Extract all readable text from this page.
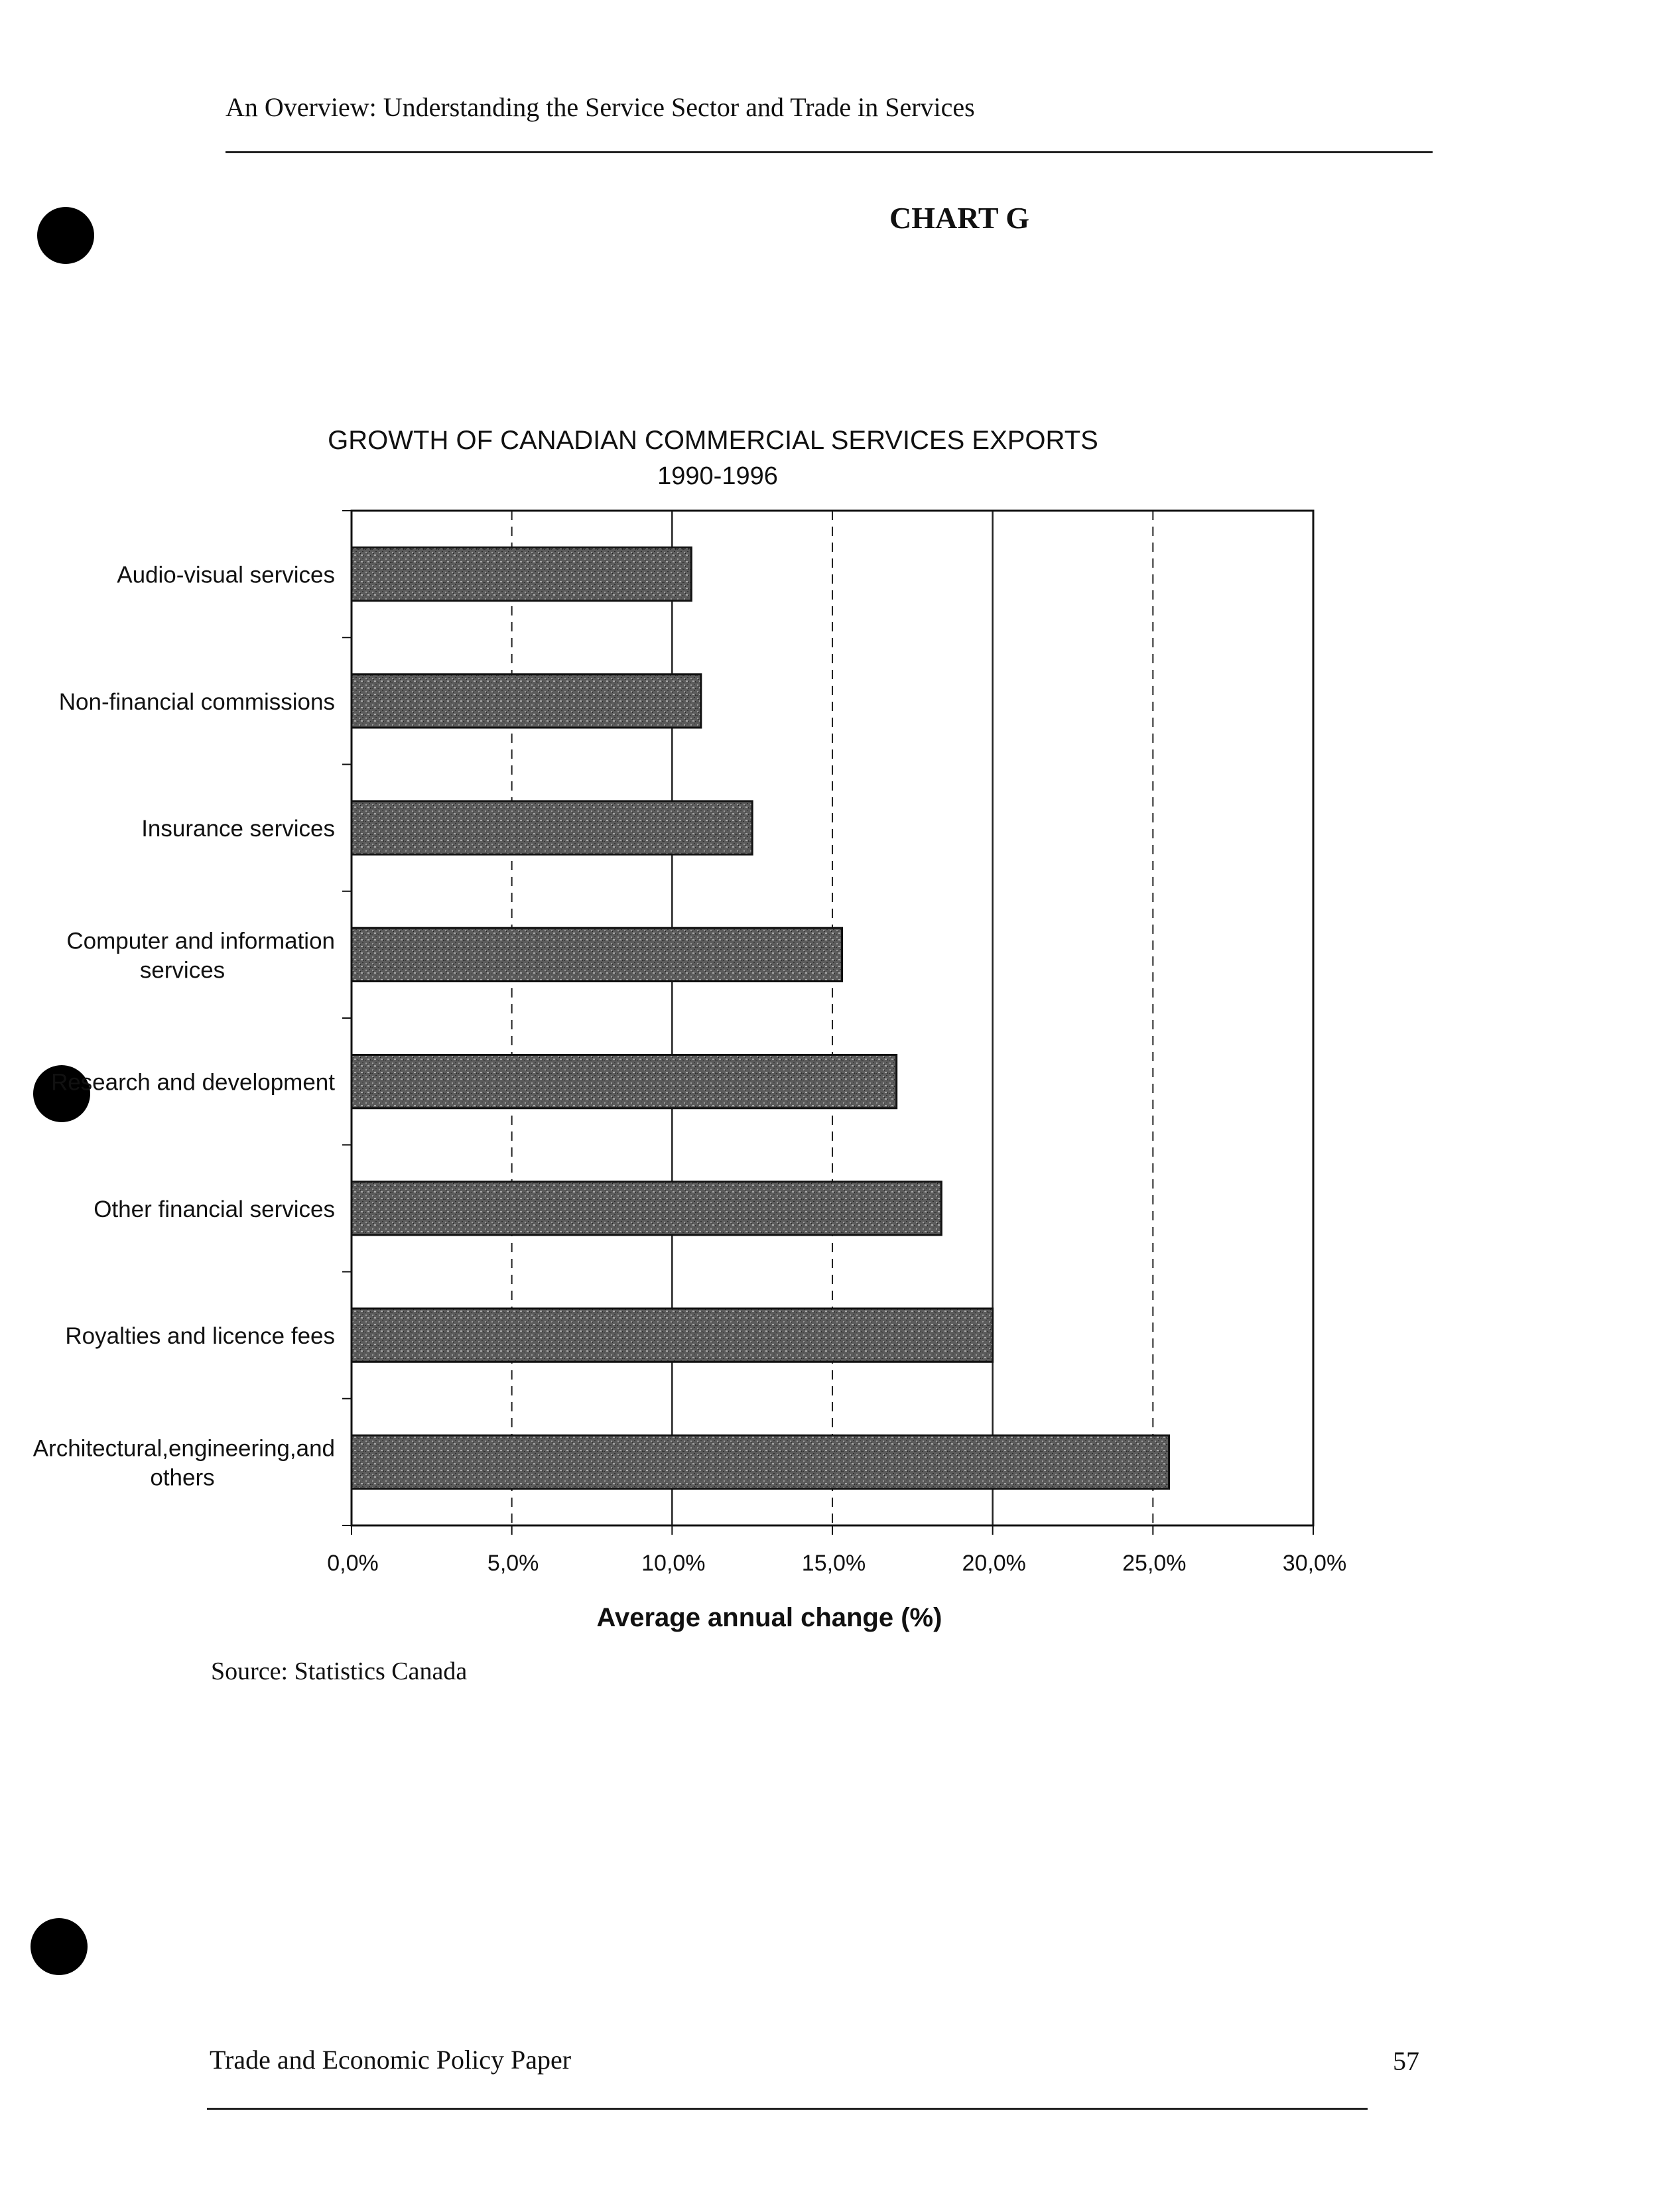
An Overview: Understanding the Service Sector and Trade in Services
CHART G
GROWTH OF CANADIAN COMMERCIAL SERVICES EXPORTS
1990-1996
0,0%	5,0%	10,0%	15,0%	20,0%	25,0%	30,0%
Audio-visual services
Non-financial commissions
Insurance services
Computer and information
services
Research and development
Other financial services
Royalties and licence fees
Architectural,engineering,and
others
Average annual change (%)
Source: Statistics Canada
Trade and Economic Policy Paper	57
